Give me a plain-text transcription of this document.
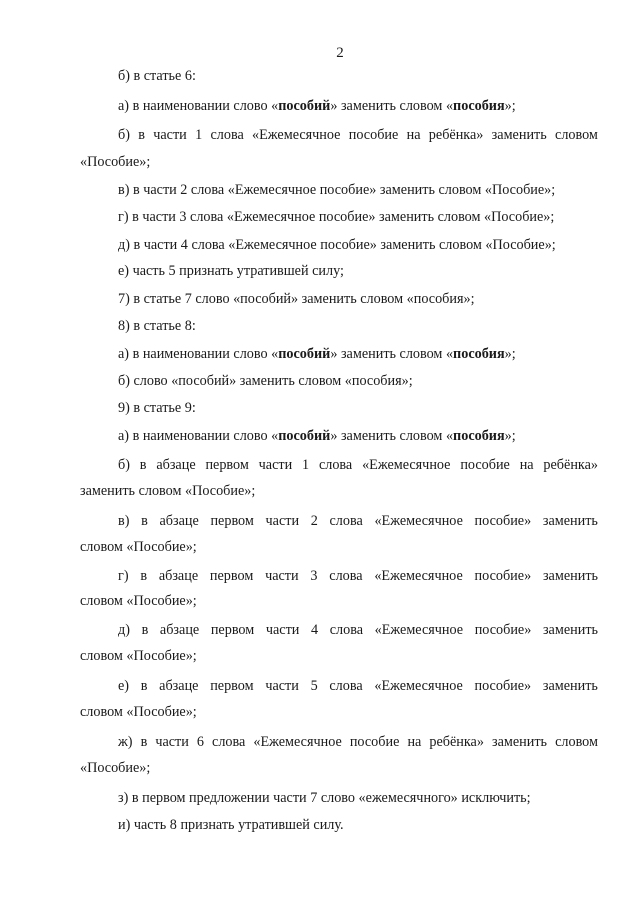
2
б) в статье 6:
а) в наименовании слово «пособий» заменить словом «пособия»;
б) в части 1 слова «Ежемесячное пособие на ребёнка» заменить словом
«Пособие»;
в) в части 2 слова «Ежемесячное пособие» заменить словом «Пособие»;
г) в части 3 слова «Ежемесячное пособие» заменить словом «Пособие»;
д) в части 4 слова «Ежемесячное пособие» заменить словом «Пособие»;
е) часть 5 признать утратившей силу;
7) в статье 7 слово «пособий» заменить словом «пособия»;
8) в статье 8:
а) в наименовании слово «пособий» заменить словом «пособия»;
б) слово «пособий» заменить словом «пособия»;
9) в статье 9:
а) в наименовании слово «пособий» заменить словом «пособия»;
б) в абзаце первом части 1 слова «Ежемесячное пособие на ребёнка»
заменить словом «Пособие»;
в) в абзаце первом части 2 слова «Ежемесячное пособие» заменить
словом «Пособие»;
г) в абзаце первом части 3 слова «Ежемесячное пособие» заменить
словом «Пособие»;
д) в абзаце первом части 4 слова «Ежемесячное пособие» заменить
словом «Пособие»;
е) в абзаце первом части 5 слова «Ежемесячное пособие» заменить
словом «Пособие»;
ж) в части 6 слова «Ежемесячное пособие на ребёнка» заменить словом
«Пособие»;
з) в первом предложении части 7 слово «ежемесячного» исключить;
и) часть 8 признать утратившей силу.
